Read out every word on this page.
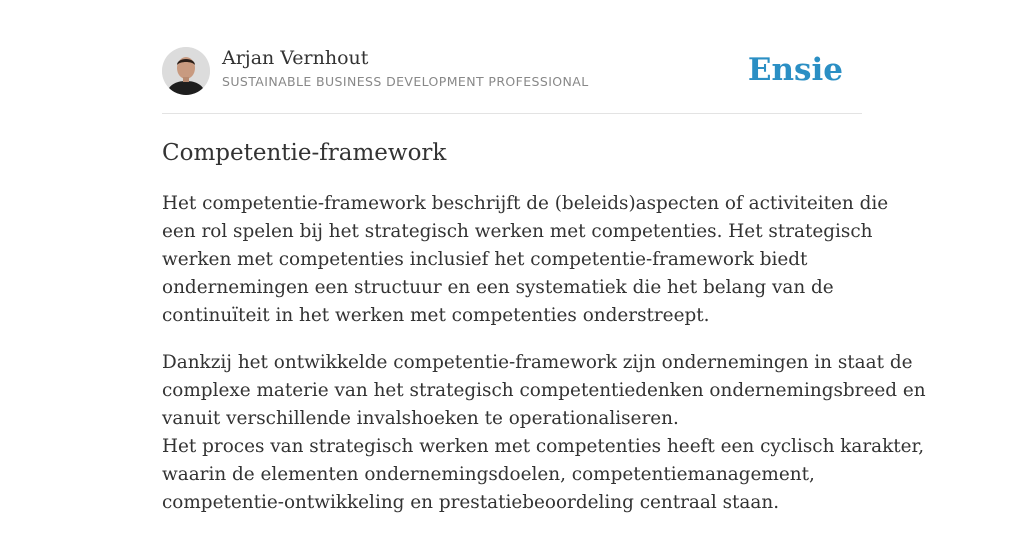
Arjan Vernhout
SUSTAINABLE BUSINESS DEVELOPMENT PROFESSIONAL	Ensie
Competentie-framework

Het competentie-framework beschrijft de (beleids)aspecten of activiteiten die
een rol spelen bij het strategisch werken met competenties. Het strategisch
werken met competenties inclusief het competentie-framework biedt
ondernemingen een structuur en een systematiek die het belang van de
continuïteit in het werken met competenties onderstreept.

Dankzij het ontwikkelde competentie-framework zijn ondernemingen in staat de
complexe materie van het strategisch competentiedenken ondernemingsbreed en
vanuit verschillende invalshoeken te operationaliseren.
Het proces van strategisch werken met competenties heeft een cyclisch karakter,
waarin de elementen ondernemingsdoelen, competentiemanagement,
competentie-ontwikkeling en prestatiebeoordeling centraal staan.
